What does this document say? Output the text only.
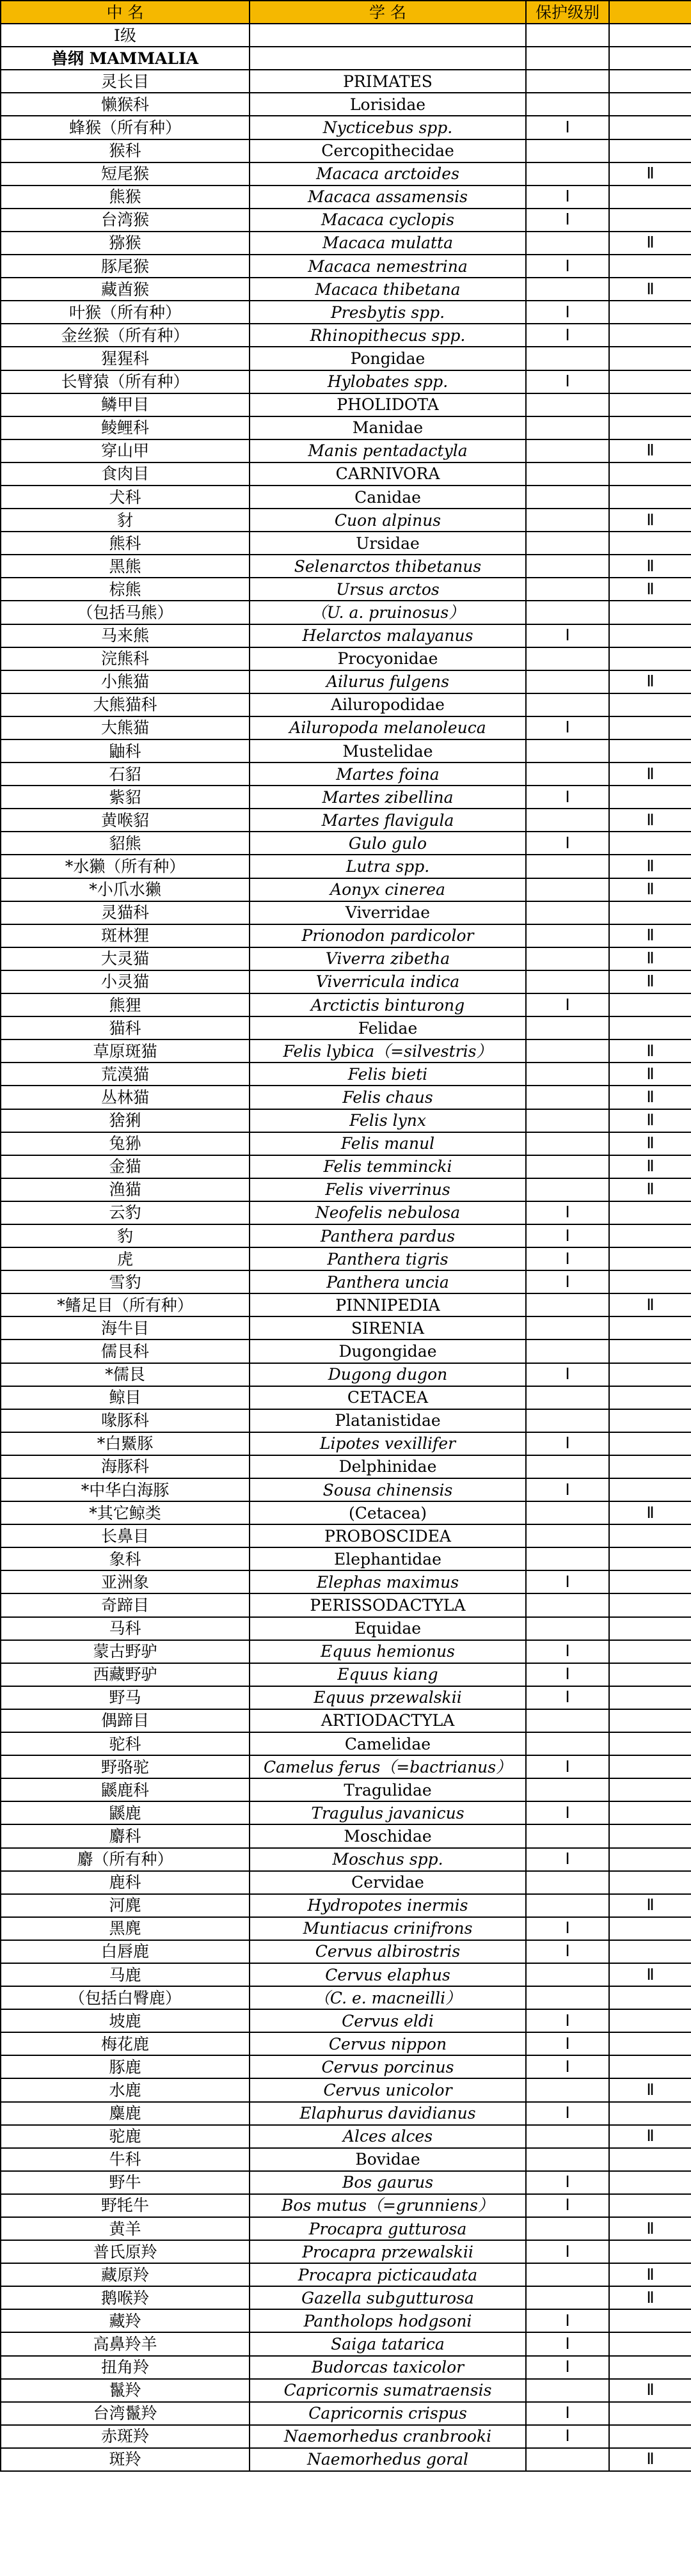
中 名	学 名	保护级别	
Ⅰ级			
兽纲 MAMMALIA			
灵长目	PRIMATES		
懒猴科	Lorisidae		
蜂猴（所有种）	Nycticebus spp.	Ⅰ	
猴科	Cercopithecidae		
短尾猴	Macaca arctoides		Ⅱ
熊猴	Macaca assamensis	Ⅰ	
台湾猴	Macaca cyclopis	Ⅰ	
猕猴	Macaca mulatta		Ⅱ
豚尾猴	Macaca nemestrina	Ⅰ	
藏酋猴	Macaca thibetana		Ⅱ
叶猴（所有种）	Presbytis spp.	Ⅰ	
金丝猴（所有种）	Rhinopithecus spp.	Ⅰ	
猩猩科	Pongidae		
长臂猿（所有种）	Hylobates spp.	Ⅰ	
鳞甲目	PHOLIDOTA		
鲮鲤科	Manidae		
穿山甲	Manis pentadactyla		Ⅱ
食肉目	CARNIVORA		
犬科	Canidae		
豺	Cuon alpinus		Ⅱ
熊科	Ursidae		
黑熊	Selenarctos thibetanus		Ⅱ
棕熊	Ursus arctos		Ⅱ
（包括马熊）	（U. a. pruinosus）		
马来熊	Helarctos malayanus	Ⅰ	
浣熊科	Procyonidae		
小熊猫	Ailurus fulgens		Ⅱ
大熊猫科	Ailuropodidae		
大熊猫	Ailuropoda melanoleuca	Ⅰ	
鼬科	Mustelidae		
石貂	Martes foina		Ⅱ
紫貂	Martes zibellina	Ⅰ	
黄喉貂	Martes flavigula		Ⅱ
貂熊	Gulo gulo	Ⅰ	
*水獭（所有种）	Lutra spp.		Ⅱ
*小爪水獭	Aonyx cinerea		Ⅱ
灵猫科	Viverridae		
斑林狸	Prionodon pardicolor		Ⅱ
大灵猫	Viverra zibetha		Ⅱ
小灵猫	Viverricula indica		Ⅱ
熊狸	Arctictis binturong	Ⅰ	
猫科	Felidae		
草原斑猫	Felis lybica（=silvestris）		Ⅱ
荒漠猫	Felis bieti		Ⅱ
丛林猫	Felis chaus		Ⅱ
猞猁	Felis lynx		Ⅱ
兔狲	Felis manul		Ⅱ
金猫	Felis temmincki		Ⅱ
渔猫	Felis viverrinus		Ⅱ
云豹	Neofelis nebulosa	Ⅰ	
豹	Panthera pardus	Ⅰ	
虎	Panthera tigris	Ⅰ	
雪豹	Panthera uncia	Ⅰ	
*鳍足目（所有种）	PINNIPEDIA		Ⅱ
海牛目	SIRENIA		
儒艮科	Dugongidae		
*儒艮	Dugong dugon	Ⅰ	
鲸目	CETACEA		
喙豚科	Platanistidae		
*白鱀豚	Lipotes vexillifer	Ⅰ	
海豚科	Delphinidae		
*中华白海豚	Sousa chinensis	Ⅰ	
*其它鲸类	(Cetacea)		Ⅱ
长鼻目	PROBOSCIDEA		
象科	Elephantidae		
亚洲象	Elephas maximus	Ⅰ	
奇蹄目	PERISSODACTYLA		
马科	Equidae		
蒙古野驴	Equus hemionus	Ⅰ	
西藏野驴	Equus kiang	Ⅰ	
野马	Equus przewalskii	Ⅰ	
偶蹄目	ARTIODACTYLA		
驼科	Camelidae		
野骆驼	Camelus ferus（=bactrianus）	Ⅰ	
鼷鹿科	Tragulidae		
鼷鹿	Tragulus javanicus	Ⅰ	
麝科	Moschidae		
麝（所有种）	Moschus spp.	Ⅰ	
鹿科	Cervidae		
河麂	Hydropotes inermis		Ⅱ
黑麂	Muntiacus crinifrons	Ⅰ	
白唇鹿	Cervus albirostris	Ⅰ	
马鹿	Cervus elaphus		Ⅱ
（包括白臀鹿）	（C. e. macneilli）		
坡鹿	Cervus eldi	Ⅰ	
梅花鹿	Cervus nippon	Ⅰ	
豚鹿	Cervus porcinus	Ⅰ	
水鹿	Cervus unicolor		Ⅱ
麋鹿	Elaphurus davidianus	Ⅰ	
驼鹿	Alces alces		Ⅱ
牛科	Bovidae		
野牛	Bos gaurus	Ⅰ	
野牦牛	Bos mutus（=grunniens）	Ⅰ	
黄羊	Procapra gutturosa		Ⅱ
普氏原羚	Procapra przewalskii	Ⅰ	
藏原羚	Procapra picticaudata		Ⅱ
鹅喉羚	Gazella subgutturosa		Ⅱ
藏羚	Pantholops hodgsoni	Ⅰ	
高鼻羚羊	Saiga tatarica	Ⅰ	
扭角羚	Budorcas taxicolor	Ⅰ	
鬣羚	Capricornis sumatraensis		Ⅱ
台湾鬣羚	Capricornis crispus	Ⅰ	
赤斑羚	Naemorhedus cranbrooki	Ⅰ	
斑羚	Naemorhedus goral		Ⅱ
